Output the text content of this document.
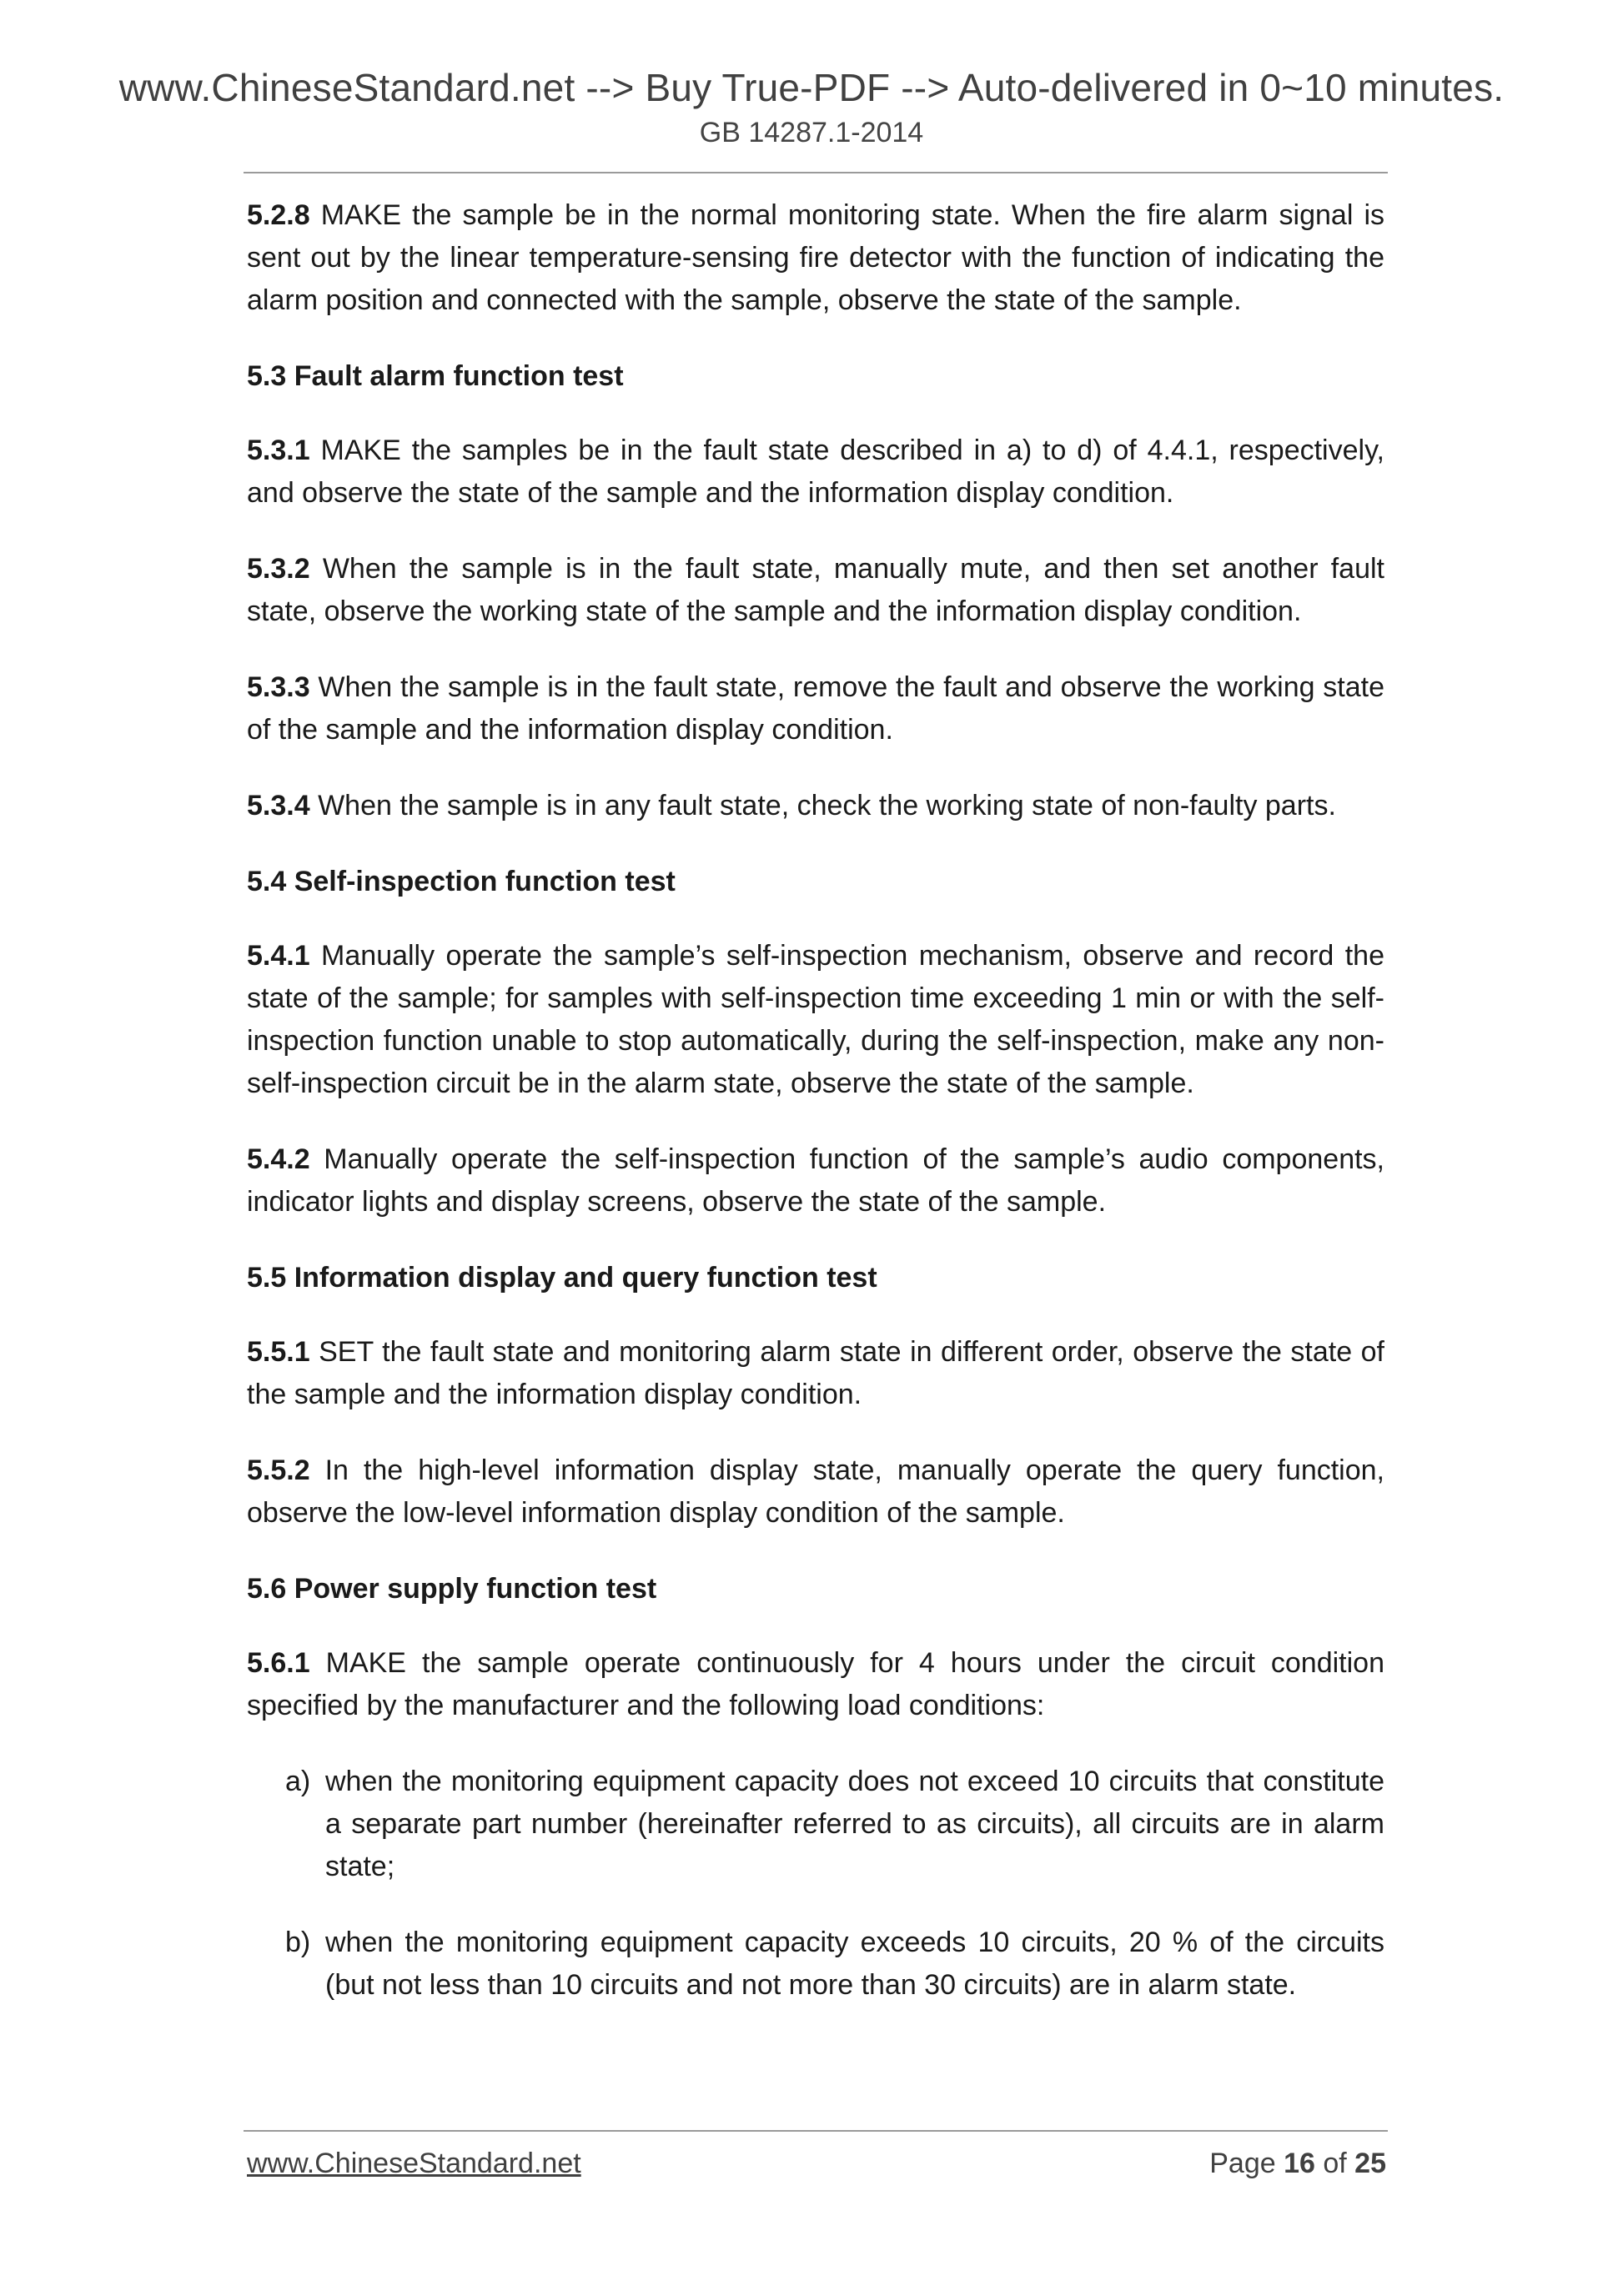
www.ChineseStandard.net --> Buy True-PDF --> Auto-delivered in 0~10 minutes.
GB 14287.1-2014

5.2.8 MAKE the sample be in the normal monitoring state. When the fire alarm signal is sent out by the linear temperature-sensing fire detector with the function of indicating the alarm position and connected with the sample, observe the state of the sample.

5.3 Fault alarm function test

5.3.1 MAKE the samples be in the fault state described in a) to d) of 4.4.1, respectively, and observe the state of the sample and the information display condition.

5.3.2 When the sample is in the fault state, manually mute, and then set another fault state, observe the working state of the sample and the information display condition.

5.3.3 When the sample is in the fault state, remove the fault and observe the working state of the sample and the information display condition.

5.3.4 When the sample is in any fault state, check the working state of non-faulty parts.

5.4 Self-inspection function test

5.4.1 Manually operate the sample’s self-inspection mechanism, observe and record the state of the sample; for samples with self-inspection time exceeding 1 min or with the self-inspection function unable to stop automatically, during the self-inspection, make any non-self-inspection circuit be in the alarm state, observe the state of the sample.

5.4.2 Manually operate the self-inspection function of the sample’s audio components, indicator lights and display screens, observe the state of the sample.

5.5 Information display and query function test

5.5.1 SET the fault state and monitoring alarm state in different order, observe the state of the sample and the information display condition.

5.5.2 In the high-level information display state, manually operate the query function, observe the low-level information display condition of the sample.

5.6 Power supply function test

5.6.1 MAKE the sample operate continuously for 4 hours under the circuit condition specified by the manufacturer and the following load conditions:

a) when the monitoring equipment capacity does not exceed 10 circuits that constitute a separate part number (hereinafter referred to as circuits), all circuits are in alarm state;

b) when the monitoring equipment capacity exceeds 10 circuits, 20 % of the circuits (but not less than 10 circuits and not more than 30 circuits) are in alarm state.

www.ChineseStandard.net	Page 16 of 25
